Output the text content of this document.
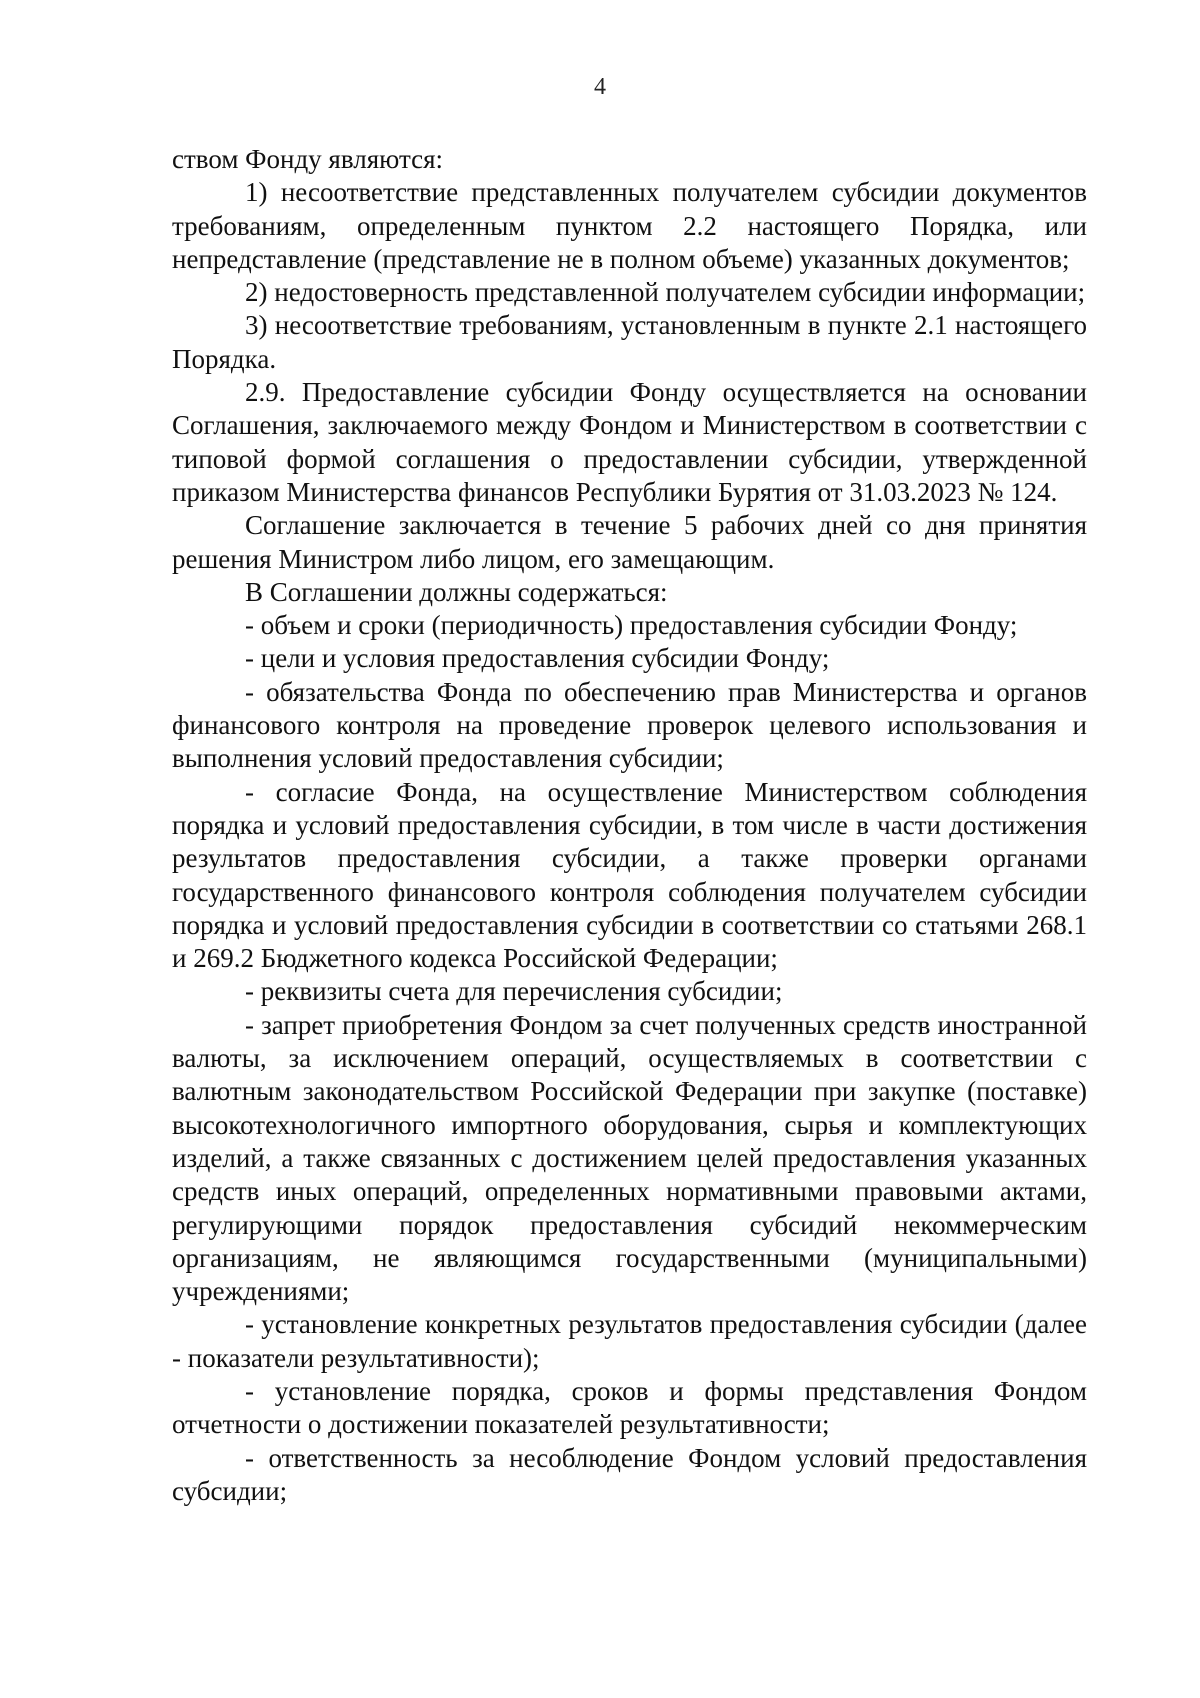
4

ством Фонду являются:

1) несоответствие представленных получателем субсидии документов требованиям, определенным пунктом 2.2 настоящего Порядка, или непредставление (представление не в полном объеме) указанных документов;

2) недостоверность представленной получателем субсидии информации;

3) несоответствие требованиям, установленным в пункте 2.1 настоящего Порядка.

2.9. Предоставление субсидии Фонду осуществляется на основании Соглашения, заключаемого между Фондом и Министерством в соответствии с типовой формой соглашения о предоставлении субсидии, утвержденной приказом Министерства финансов Республики Бурятия от 31.03.2023 № 124.

Соглашение заключается в течение 5 рабочих дней со дня принятия решения Министром либо лицом, его замещающим.

В Соглашении должны содержаться:

- объем и сроки (периодичность) предоставления субсидии Фонду;

- цели и условия предоставления субсидии Фонду;

- обязательства Фонда по обеспечению прав Министерства и органов финансового контроля на проведение проверок целевого использования и выполнения условий предоставления субсидии;

- согласие Фонда, на осуществление Министерством соблюдения порядка и условий предоставления субсидии, в том числе в части достижения результатов предоставления субсидии, а также проверки органами государственного финансового контроля соблюдения получателем субсидии порядка и условий предоставления субсидии в соответствии со статьями 268.1 и 269.2 Бюджетного кодекса Российской Федерации;

- реквизиты счета для перечисления субсидии;

- запрет приобретения Фондом за счет полученных средств иностранной валюты, за исключением операций, осуществляемых в соответствии с валютным законодательством Российской Федерации при закупке (поставке) высокотехнологичного импортного оборудования, сырья и комплектующих изделий, а также связанных с достижением целей предоставления указанных средств иных операций, определенных нормативными правовыми актами, регулирующими порядок предоставления субсидий некоммерческим организациям, не являющимся государственными (муниципальными) учреждениями;

- установление конкретных результатов предоставления субсидии (далее - показатели результативности);

- установление порядка, сроков и формы представления Фондом отчетности о достижении показателей результативности;

- ответственность за несоблюдение Фондом условий предоставления субсидии;
